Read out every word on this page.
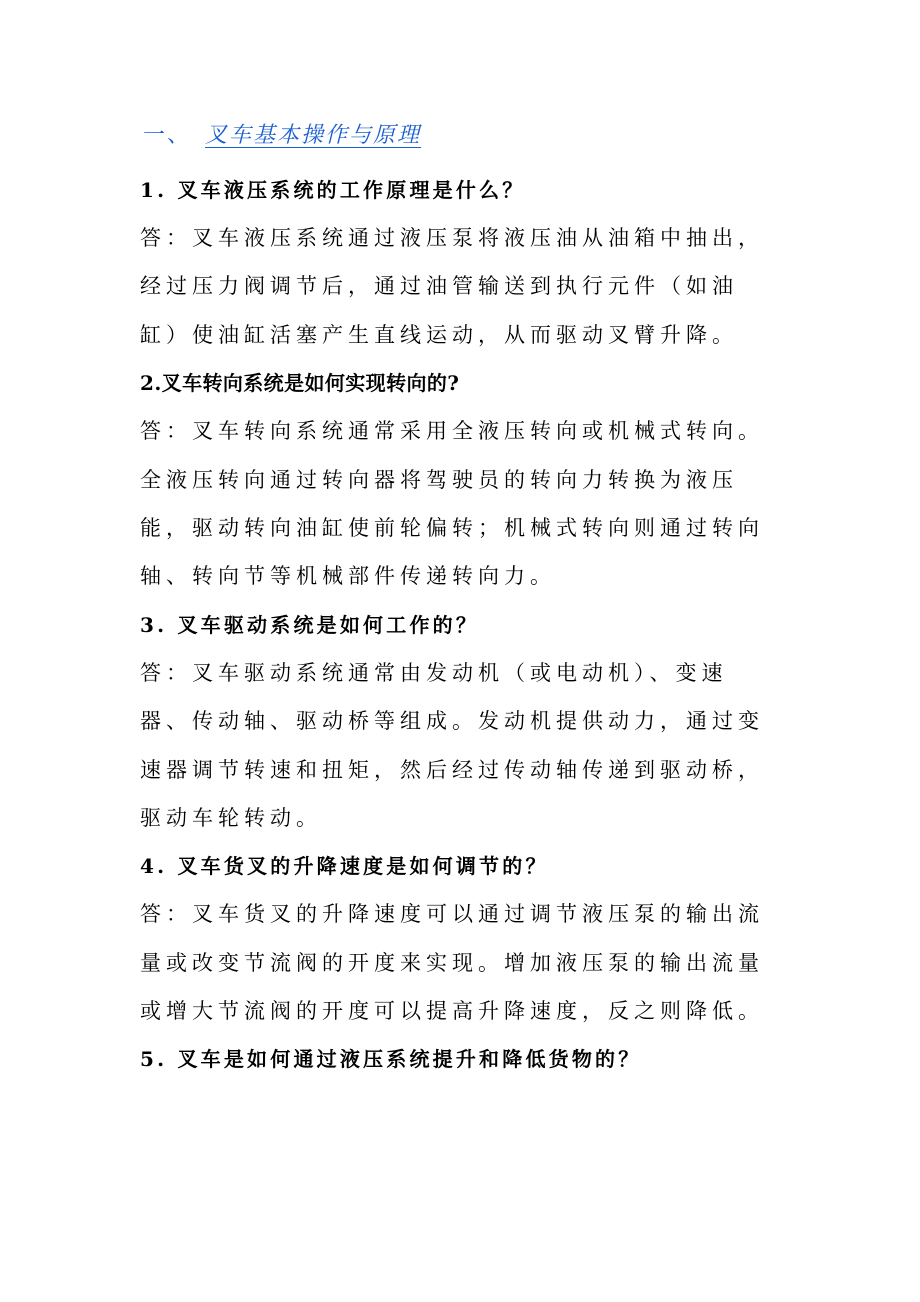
一、 叉车基本操作与原理
1. 叉车液压系统的工作原理是什么？
答：叉车液压系统通过液压泵将液压油从油箱中抽出，
经过压力阀调节后，通过油管输送到执行元件（如油
缸）使油缸活塞产生直线运动，从而驱动叉臂升降。
2.叉车转向系统是如何实现转向的?
答：叉车转向系统通常采用全液压转向或机械式转向。
全液压转向通过转向器将驾驶员的转向力转换为液压
能，驱动转向油缸使前轮偏转；机械式转向则通过转向
轴、转向节等机械部件传递转向力。
3. 叉车驱动系统是如何工作的？
答：叉车驱动系统通常由发动机（或电动机）、变速
器、传动轴、驱动桥等组成。发动机提供动力，通过变
速器调节转速和扭矩，然后经过传动轴传递到驱动桥，
驱动车轮转动。
4. 叉车货叉的升降速度是如何调节的？
答：叉车货叉的升降速度可以通过调节液压泵的输出流
量或改变节流阀的开度来实现。增加液压泵的输出流量
或增大节流阀的开度可以提高升降速度，反之则降低。
5. 叉车是如何通过液压系统提升和降低货物的？
